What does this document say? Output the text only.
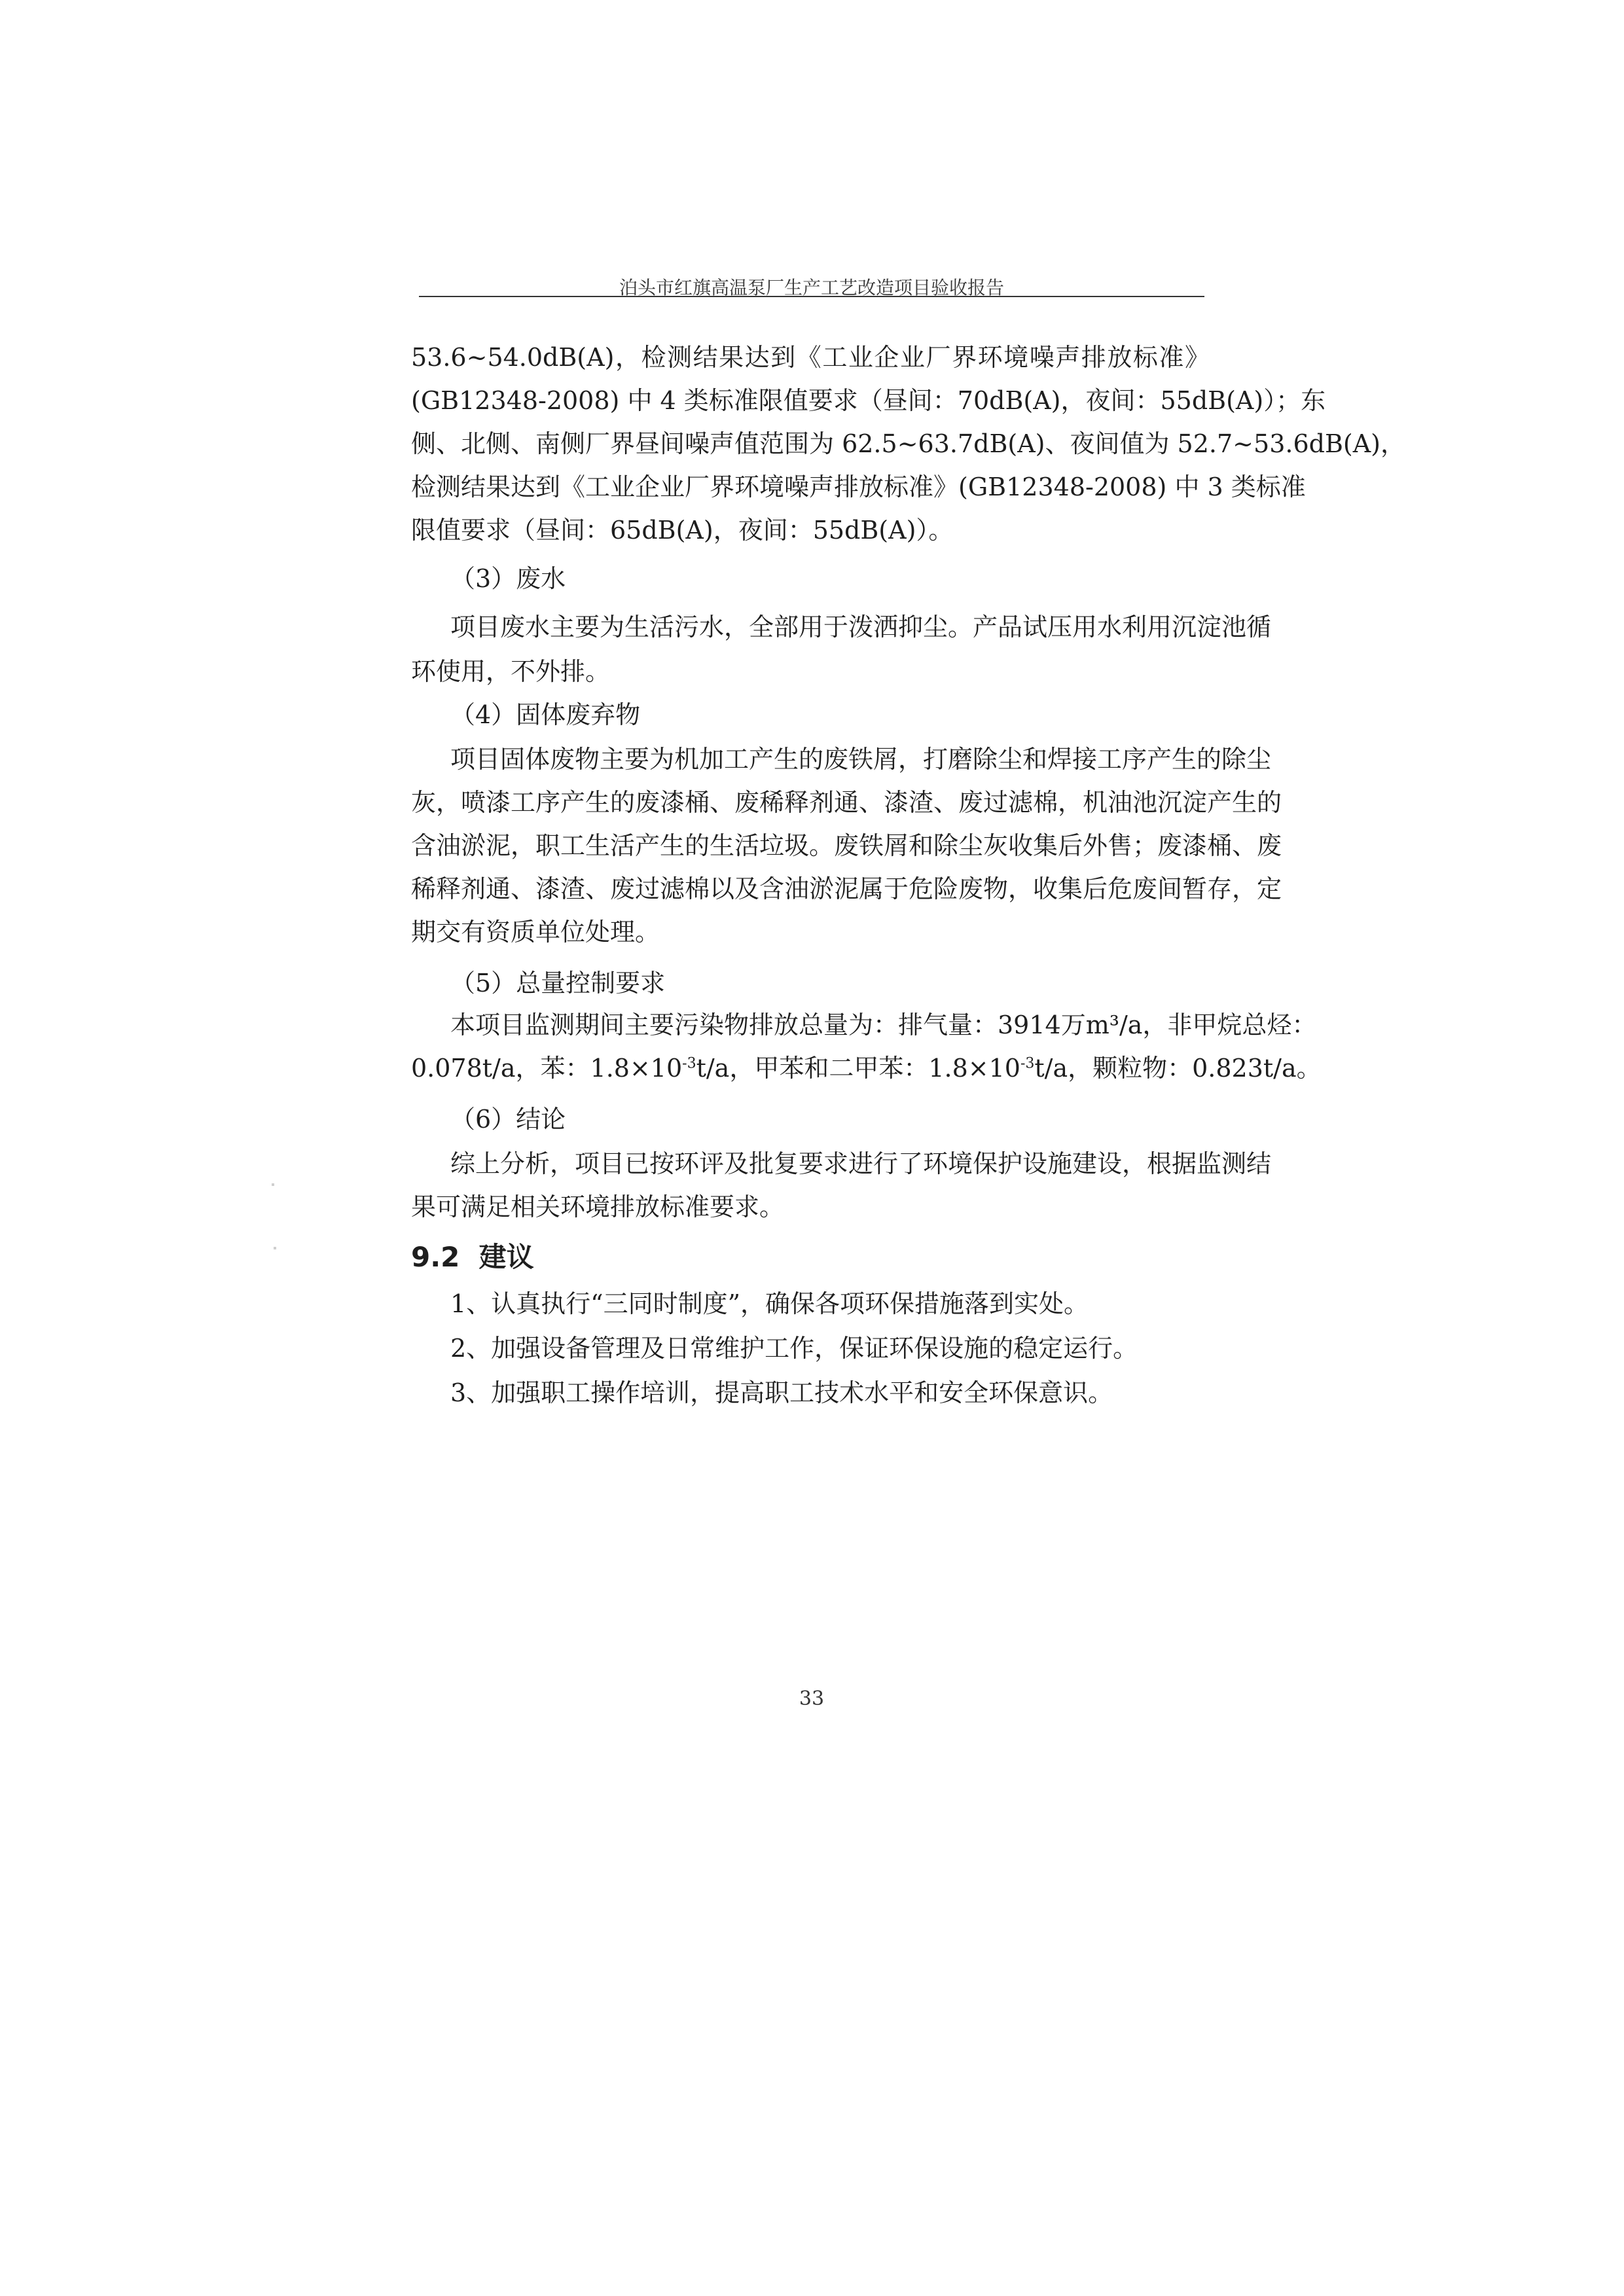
泊头市红旗高温泵厂生产工艺改造项目验收报告
53.6~54.0dB(A)，检测结果达到《工业企业厂界环境噪声排放标准》
(GB12348-2008) 中 4 类标准限值要求（昼间：70dB(A)，夜间：55dB(A)）；东
侧、北侧、南侧厂界昼间噪声值范围为 62.5~63.7dB(A)、夜间值为 52.7~53.6dB(A)，
检测结果达到《工业企业厂界环境噪声排放标准》(GB12348-2008) 中 3 类标准
限值要求（昼间：65dB(A)，夜间：55dB(A)）。
（3）废水
项目废水主要为生活污水，全部用于泼洒抑尘。产品试压用水利用沉淀池循
环使用，不外排。
（4）固体废弃物
项目固体废物主要为机加工产生的废铁屑，打磨除尘和焊接工序产生的除尘
灰，喷漆工序产生的废漆桶、废稀释剂通、漆渣、废过滤棉，机油池沉淀产生的
含油淤泥，职工生活产生的生活垃圾。废铁屑和除尘灰收集后外售；废漆桶、废
稀释剂通、漆渣、废过滤棉以及含油淤泥属于危险废物，收集后危废间暂存，定
期交有资质单位处理。
（5）总量控制要求
本项目监测期间主要污染物排放总量为：排气量：3914万m³/a，非甲烷总烃：
0.078t/a，苯：$1.8\times 10^{-3}t/a$，甲苯和二甲苯：$1.8\times 10^{-3}t/a$，颗粒物：0.823t/a。
（6）结论
综上分析，项目已按环评及批复要求进行了环境保护设施建设，根据监测结
果可满足相关环境排放标准要求。
9.2 建议
1、认真执行“三同时制度”，确保各项环保措施落到实处。
2、加强设备管理及日常维护工作，保证环保设施的稳定运行。
3、加强职工操作培训，提高职工技术水平和安全环保意识。
33
